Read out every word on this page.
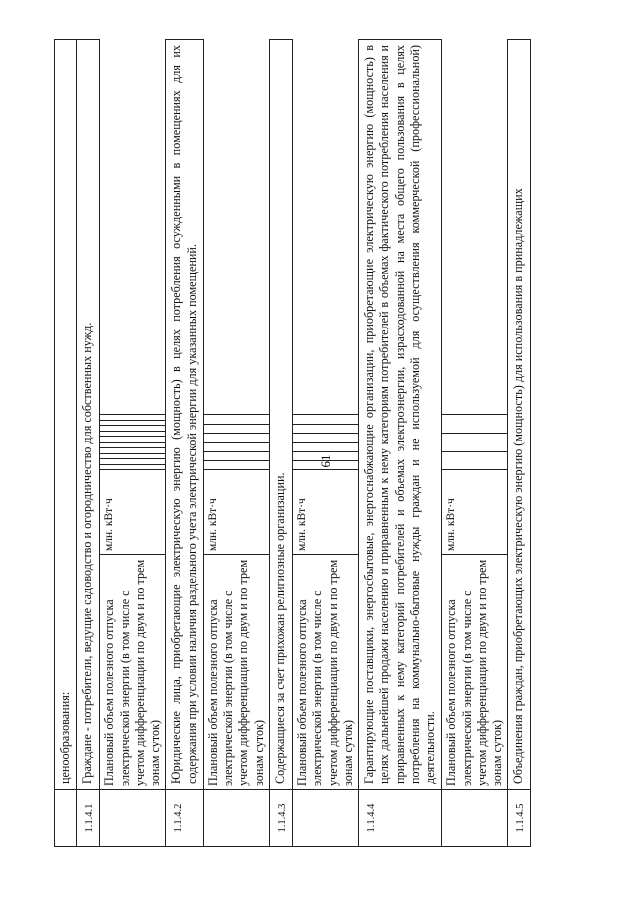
61
	ценообразования:
1.1.4.1	Граждане - потребители, ведущие садоводство и огородничество для собственных нужд.
	Плановый объем полезного отпуска электрической энергии (в том числе с учетом дифференциации по двум и по трем зонам суток)	млн. кВт·ч										

1.1.4.2	Юридические лица, приобретающие электрическую энергию (мощность) в целях потребления осужденными в помещениях для их содержания при условии наличия раздельного учета электрической энергии для указанных помещений.
	Плановый объем полезного отпуска электрической энергии (в том числе с учетом дифференциации по двум и по трем зонам суток)	млн. кВт·ч						

1.1.4.3	Содержащиеся за счет прихожан религиозные организации.
	Плановый объем полезного отпуска электрической энергии (в том числе с учетом дифференциации по двум и по трем зонам суток)	млн. кВт·ч						

1.1.4.4	Гарантирующие поставщики, энергосбытовые, энергоснабжающие организации, приобретающие электрическую энергию (мощность) в целях дальнейшей продажи населению и приравненным к нему категориям потребителей в объемах фактического потребления населения и приравненных к нему категорий потребителей и объемах электроэнергии, израсходованной на места общего пользования в целях потребления на коммунально-бытовые нужды граждан и не используемой для осуществления коммерческой (профессиональной) деятельности.
	Плановый объем полезного отпуска электрической энергии (в том числе с учетом дифференциации по двум и по трем зонам суток)	млн. кВт·ч			

1.1.4.5	Объединения граждан, приобретающих электрическую энергию (мощность) для использования в принадлежащих
